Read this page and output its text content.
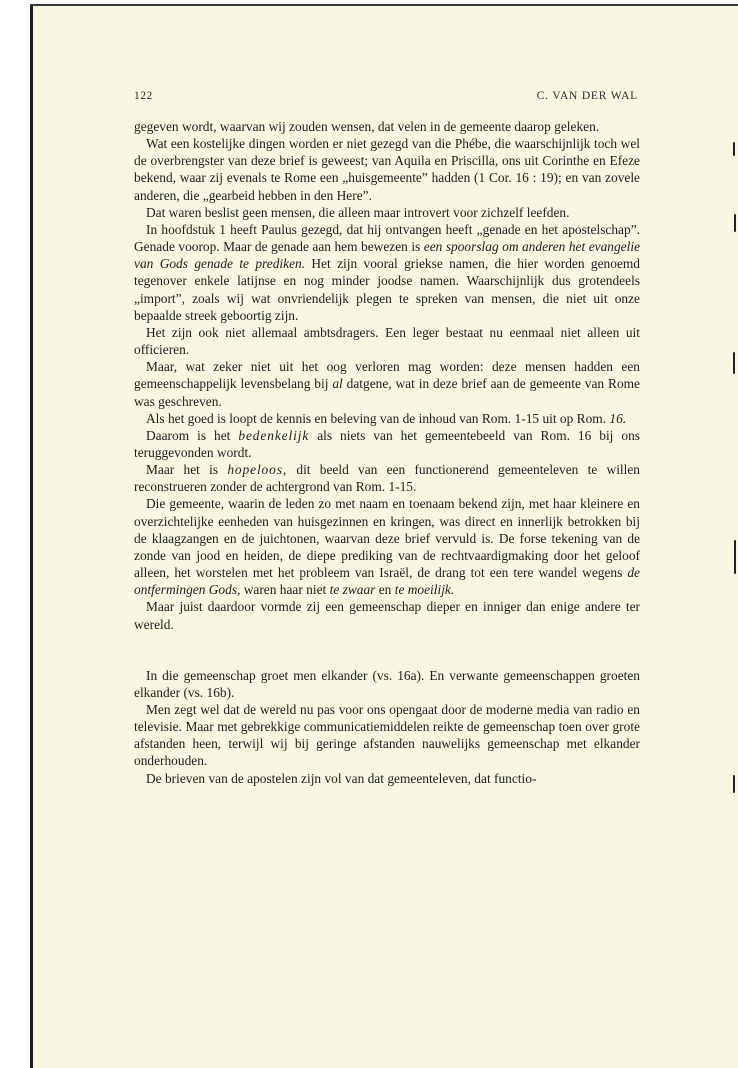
122	C. VAN DER WAL

gegeven wordt, waarvan wij zouden wensen, dat velen in de gemeente daarop geleken.

Wat een kostelijke dingen worden er niet gezegd van die Phébe, die waarschijnlijk toch wel de overbrengster van deze brief is geweest; van Aquila en Priscilla, ons uit Corinthe en Efeze bekend, waar zij evenals te Rome een „huisgemeente” hadden (1 Cor. 16 : 19); en van zovele anderen, die „gearbeid hebben in den Here”.

Dat waren beslist geen mensen, die alleen maar introvert voor zichzelf leefden.

In hoofdstuk 1 heeft Paulus gezegd, dat hij ontvangen heeft „genade en het apostelschap”. Genade voorop. Maar de genade aan hem bewezen is een spoorslag om anderen het evangelie van Gods genade te prediken. Het zijn vooral griekse namen, die hier worden genoemd tegenover enkele latijnse en nog minder joodse namen. Waarschijnlijk dus grotendeels „import”, zoals wij wat onvriendelijk plegen te spreken van mensen, die niet uit onze bepaalde streek geboortig zijn.

Het zijn ook niet allemaal ambtsdragers. Een leger bestaat nu eenmaal niet alleen uit officieren.

Maar, wat zeker niet uit het oog verloren mag worden: deze mensen hadden een gemeenschappelijk levensbelang bij al datgene, wat in deze brief aan de gemeente van Rome was geschreven.

Als het goed is loopt de kennis en beleving van de inhoud van Rom. 1-15 uit op Rom. 16.

Daarom is het bedenkelijk als niets van het gemeentebeeld van Rom. 16 bij ons teruggevonden wordt.

Maar het is hopeloos, dit beeld van een functionerend gemeenteleven te willen reconstrueren zonder de achtergrond van Rom. 1-15.

Die gemeente, waarin de leden zo met naam en toenaam bekend zijn, met haar kleinere en overzichtelijke eenheden van huisgezinnen en kringen, was direct en innerlijk betrokken bij de klaagzangen en de juichtonen, waarvan deze brief vervuld is. De forse tekening van de zonde van jood en heiden, de diepe prediking van de rechtvaardigmaking door het geloof alleen, het worstelen met het probleem van Israël, de drang tot een tere wandel wegens de ontfermingen Gods, waren haar niet te zwaar en te moeilijk.

Maar juist daardoor vormde zij een gemeenschap dieper en inniger dan enige andere ter wereld.

In die gemeenschap groet men elkander (vs. 16a). En verwante gemeenschappen groeten elkander (vs. 16b).

Men zegt wel dat de wereld nu pas voor ons opengaat door de moderne media van radio en televisie. Maar met gebrekkige communicatiemiddelen reikte de gemeenschap toen over grote afstanden heen, terwijl wij bij geringe afstanden nauwelijks gemeenschap met elkander onderhouden.

De brieven van de apostelen zijn vol van dat gemeenteleven, dat functio-
